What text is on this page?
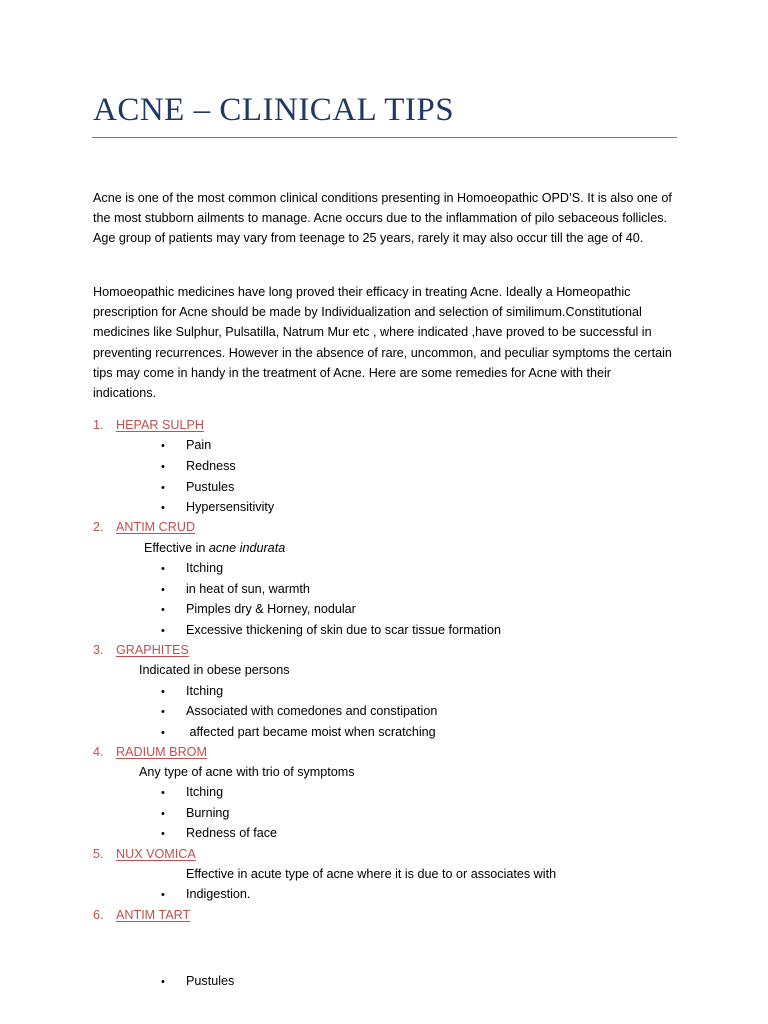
ACNE – CLINICAL TIPS

Acne is one of the most common clinical conditions presenting in Homoeopathic OPD’S. It is also one of the most stubborn ailments to manage. Acne occurs due to the inflammation of pilo sebaceous follicles. Age group of patients may vary from teenage to 25 years, rarely it may also occur till the age of 40.

Homoeopathic medicines have long proved their efficacy in treating Acne. Ideally a Homeopathic prescription for Acne should be made by Individualization and selection of similimum.Constitutional medicines like Sulphur, Pulsatilla, Natrum Mur etc , where indicated ,have proved to be successful in preventing recurrences. However in the absence of rare, uncommon, and peculiar symptoms the certain tips may come in handy in the treatment of Acne. Here are some remedies for Acne with their indications.

1. HEPAR SULPH
• Pain
• Redness
• Pustules
• Hypersensitivity
2. ANTIM CRUD
Effective in acne indurata
• Itching
• in heat of sun, warmth
• Pimples dry & Horney, nodular
• Excessive thickening of skin due to scar tissue formation
3. GRAPHITES
Indicated in obese persons
• Itching
• Associated with comedones and constipation
• affected part became moist when scratching
4. RADIUM BROM
Any type of acne with trio of symptoms
• Itching
• Burning
• Redness of face
5. NUX VOMICA
Effective in acute type of acne where it is due to or associates with
• Indigestion.
6. ANTIM TART
• Pustules
